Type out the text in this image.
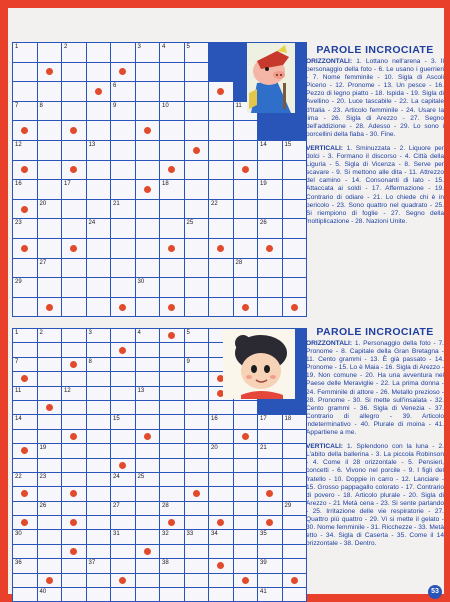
1	2	3	4	5
6
7	8	9	10	11
12	13	14	15
16	17	18	19
20	21	22
23	24	25	26
27	28
29	30
PAROLE INCROCIATE

ORIZZONTALI: 1. Lottano nell'arena - 3. Il personaggio della foto - 6. Le usano i guerrieri - 7. Nome femminile - 10. Sigla di Ascoli Piceno - 12. Pronome - 13. Un pesce - 16. Pezzo di legno piatto - 18. Ispida - 19. Sigla di Avellino - 20. Luce tascabile - 22. La capitale d'Italia - 23. Articolo femminile - 24. Usare la lima - 26. Sigla di Arezzo - 27. Segno dell'addizione - 28. Adesso - 29. Lo sono i porcellini della fiaba - 30. Fine.

VERTICALI: 1. Sminuzzata - 2. Liquore per dolci - 3. Formano il discorso - 4. Città della Liguria - 5. Sigla di Vicenza - 8. Serve per scavare - 9. Si mettono alle dita - 11. Attrezzo del camino - 14. Consonanti di lato - 15. Attaccata ai soldi - 17. Affermazione - 19. Contrario di odiare - 21. Lo chiede chi è in pericolo - 23. Sono quattro nel quadrato - 25. Si riempiono di foglie - 27. Segno della moltiplicazione - 28. Nazioni Unite.

1	2	3	4	5
7	8	9
11	12	13
14	15	16	17	18
19	20	21
22	23	24	25
26	27	28	29
30	31	32	33	34	35
36	37	38	39
40	41
PAROLE INCROCIATE

ORIZZONTALI: 1. Personaggio della foto - 7. Pronome - 8. Capitale della Gran Bretagna - 11. Cento grammi - 13. È già passato - 14. Pronome - 15. Lo è Maia - 16. Sigla di Arezzo - 19. Non comune - 20. Ha una avventura nel Paese delle Meraviglie - 22. La prima donna - 24. Femminile di attore - 26. Metallo prezioso - 28. Pronome - 30. Si mette sull'insalata - 32. Cento grammi - 36. Sigla di Venezia - 37. Contrario di allegro - 39. Articolo indeterminativo - 40. Plurale di moina - 41. Appartiene a me.

VERTICALI: 1. Splendono con la luna - 2. L'abito della ballerina - 3. La piccola Robinson - 4. Come il 28 orizzontale - 5. Pensieri, concetti - 6. Vivono nel porcile - 9. I figli del fratello - 10. Doppie in carro - 12. Lanciare - 15. Grosso pappagallo colorato - 17. Contrario di povero - 18. Articolo plurale - 20. Sigla di Arezzo - 21 Metà cena - 23. Si sente parlando - 25. Irritazione delle vie respiratorie - 27. Quattro più quattro - 29. Vi si mette il gelato - 30. Nome femminile - 31. Ricchezze - 33. Metà etto - 34. Sigla di Caserta - 35. Come il 14 orizzontale - 38. Dentro.

53
